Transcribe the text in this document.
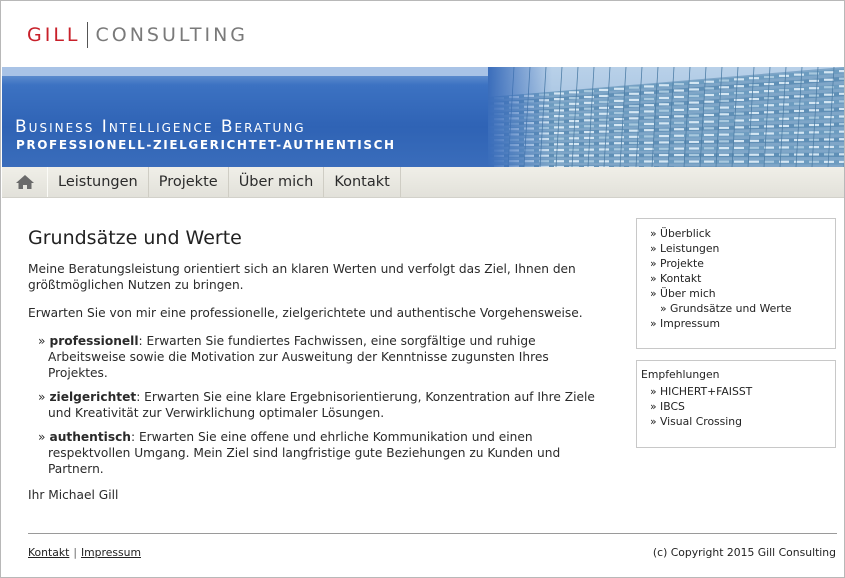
GILL CONSULTING
Business Intelligence Beratung
PROFESSIONELL-ZIELGERICHTET-AUTHENTISCH
Leistungen	Projekte	Über mich	Kontakt
Grundsätze und Werte

Meine Beratungsleistung orientiert sich an klaren Werten und verfolgt das Ziel, Ihnen den größtmöglichen Nutzen zu bringen.

Erwarten Sie von mir eine professionelle, zielgerichtete und authentische Vorgehensweise.

» professionell: Erwarten Sie fundiertes Fachwissen, eine sorgfältige und ruhige Arbeitsweise sowie die Motivation zur Ausweitung der Kenntnisse zugunsten Ihres Projektes.
» zielgerichtet: Erwarten Sie eine klare Ergebnisorientierung, Konzentration auf Ihre Ziele und Kreativität zur Verwirklichung optimaler Lösungen.
» authentisch: Erwarten Sie eine offene und ehrliche Kommunikation und einen respektvollen Umgang. Mein Ziel sind langfristige gute Beziehungen zu Kunden und Partnern.

Ihr Michael Gill

» Überblick
» Leistungen
» Projekte
» Kontakt
» Über mich
» Grundsätze und Werte
» Impressum
Empfehlungen
» HICHERT+FAISST
» IBCS
» Visual Crossing
Kontakt | Impressum	(c) Copyright 2015 Gill Consulting
